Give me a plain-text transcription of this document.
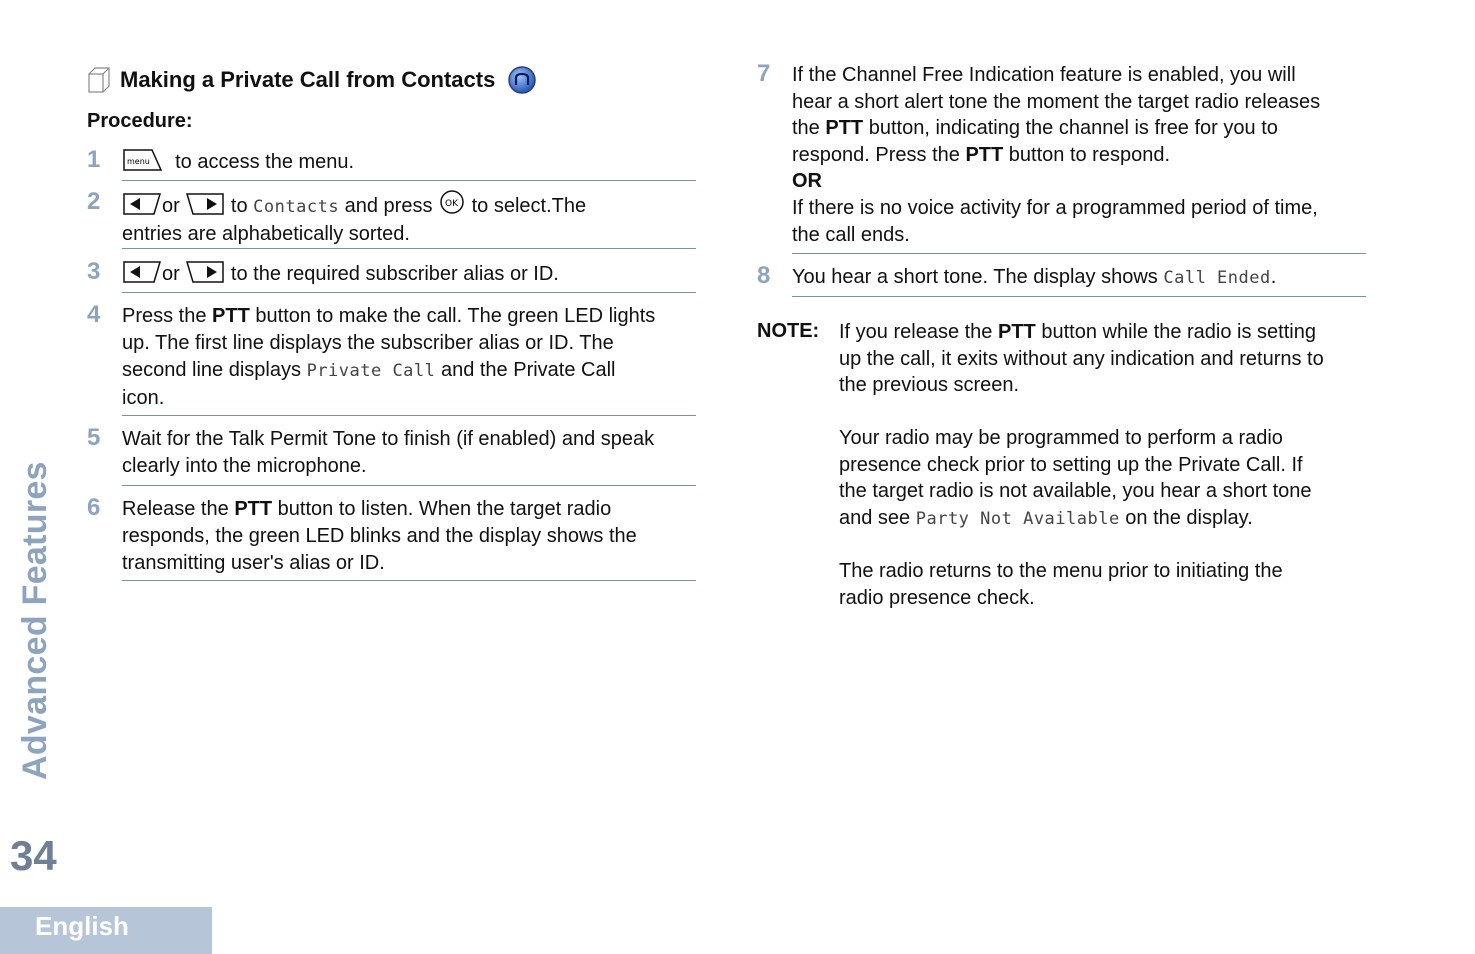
Advanced Features
34
English
Making a Private Call from Contacts
Procedure:
1	menu to access the menu.
2	or	to Contacts and press OK to select.The
entries are alphabetically sorted.
3	or	to the required subscriber alias or ID.
4 Press the PTT button to make the call. The green LED lights
up. The first line displays the subscriber alias or ID. The
second line displays Private Call and the Private Call
icon.
5 Wait for the Talk Permit Tone to finish (if enabled) and speak
clearly into the microphone.
6 Release the PTT button to listen. When the target radio
responds, the green LED blinks and the display shows the
transmitting user's alias or ID.
7 If the Channel Free Indication feature is enabled, you will
hear a short alert tone the moment the target radio releases
the PTT button, indicating the channel is free for you to
respond. Press the PTT button to respond.
OR
If there is no voice activity for a programmed period of time,
the call ends.
8 You hear a short tone. The display shows Call Ended.
NOTE: If you release the PTT button while the radio is setting
up the call, it exits without any indication and returns to
the previous screen.
Your radio may be programmed to perform a radio
presence check prior to setting up the Private Call. If
the target radio is not available, you hear a short tone
and see Party Not Available on the display.
The radio returns to the menu prior to initiating the
radio presence check.
